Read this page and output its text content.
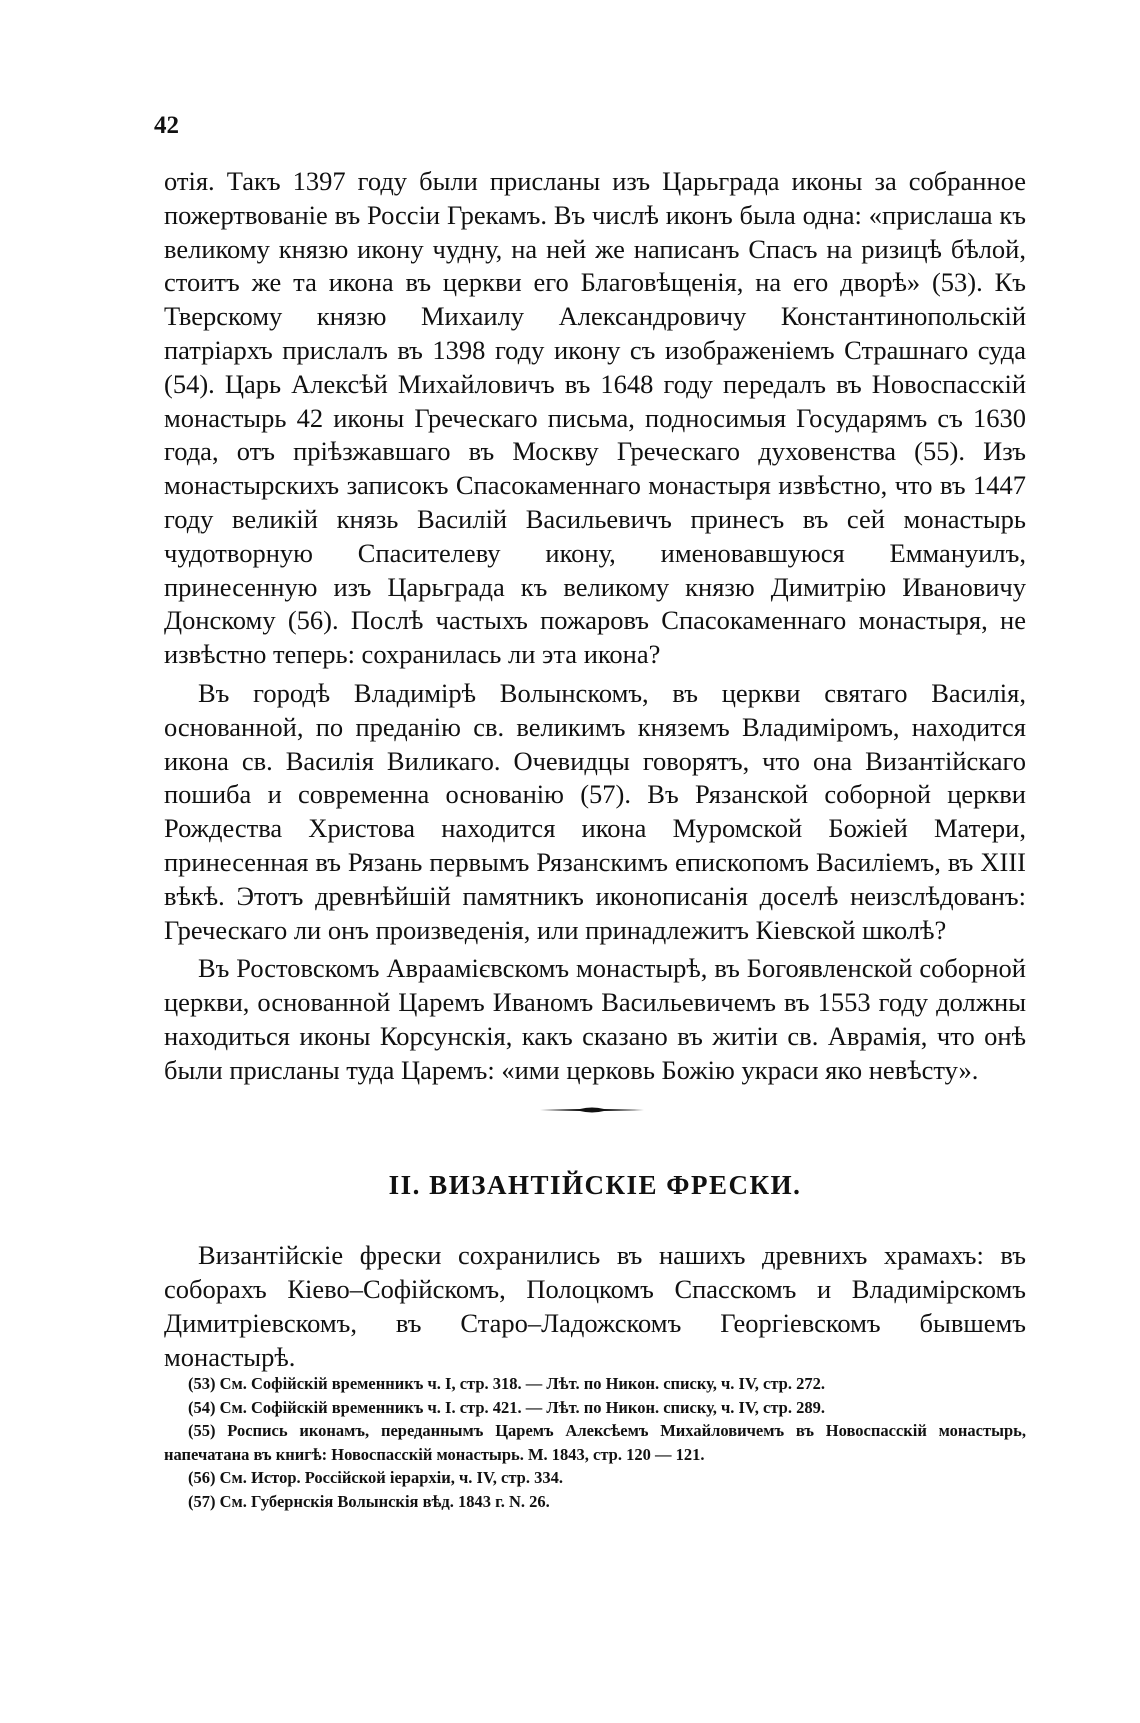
42

отія. Такъ 1397 году были присланы изъ Царьграда иконы за собранное пожертвованіе въ Россіи Грекамъ. Въ числѣ иконъ была одна: «прислаша къ великому князю икону чудну, на ней же написанъ Спасъ на ризицѣ бѣлой, стоитъ же та икона въ церкви его Благовѣщенія, на его дворѣ» (53). Къ Тверскому князю Михаилу Александровичу Константинопольскій патріархъ прислалъ въ 1398 году икону съ изображеніемъ Страшнаго суда (54). Царь Алексѣй Михайловичъ въ 1648 году передалъ въ Новоспасскій монастырь 42 иконы Греческаго письма, подносимыя Государямъ съ 1630 года, отъ пріѣзжавшаго въ Москву Греческаго духовенства (55). Изъ монастырскихъ записокъ Спасокаменнаго монастыря извѣстно, что въ 1447 году великій князь Василій Васильевичъ принесъ въ сей монастырь чудотворную Спасителеву икону, именовавшуюся Еммануилъ, принесенную изъ Царьграда къ великому князю Димитрію Ивановичу Донскому (56). Послѣ частыхъ пожаровъ Спасокаменнаго монастыря, не извѣстно теперь: сохранилась ли эта икона?

Въ городѣ Владимірѣ Волынскомъ, въ церкви святаго Василія, основанной, по преданію св. великимъ княземъ Владиміромъ, находится икона св. Василія Виликаго. Очевидцы говорятъ, что она Византійскаго пошиба и современна основанію (57). Въ Рязанской соборной церкви Рождества Христова находится икона Муромской Божіей Матери, принесенная въ Рязань первымъ Рязанскимъ епископомъ Василіемъ, въ XIII вѣкѣ. Этотъ древнѣйшій памятникъ иконописанія доселѣ неизслѣдованъ: Греческаго ли онъ произведенія, или принадлежитъ Кіевской школѣ?

Въ Ростовскомъ Авраамієвскомъ монастырѣ, въ Богоявленской соборной церкви, основанной Царемъ Иваномъ Васильевичемъ въ 1553 году должны находиться иконы Корсунскія, какъ сказано въ житіи св. Аврамія, что онѣ были присланы туда Царемъ: «ими церковь Божію украси яко невѣсту».

II. ВИЗАНТІЙСКІЕ ФРЕСКИ.

Византійскіе фрески сохранились въ нашихъ древнихъ храмахъ: въ соборахъ Кіево–Софійскомъ, Полоцкомъ Спасскомъ и Владимірскомъ Димитріевскомъ, въ Старо–Ладожскомъ Георгіевскомъ бывшемъ монастырѣ.

(53) См. Софійскій временникъ ч. I, стр. 318. — Лѣт. по Никон. списку, ч. IV, стр. 272.

(54) См. Софійскій временникъ ч. I. стр. 421. — Лѣт. по Никон. списку, ч. IV, стр. 289.

(55) Роспись иконамъ, переданнымъ Царемъ Алексѣемъ Михайловичемъ въ Новоспасскій монастырь, напечатана въ книгѣ: Новоспасскій монастырь. М. 1843, стр. 120 — 121.

(56) См. Истор. Россійской іерархіи, ч. IV, стр. 334.

(57) См. Губернскія Волынскія вѣд. 1843 г. N. 26.
